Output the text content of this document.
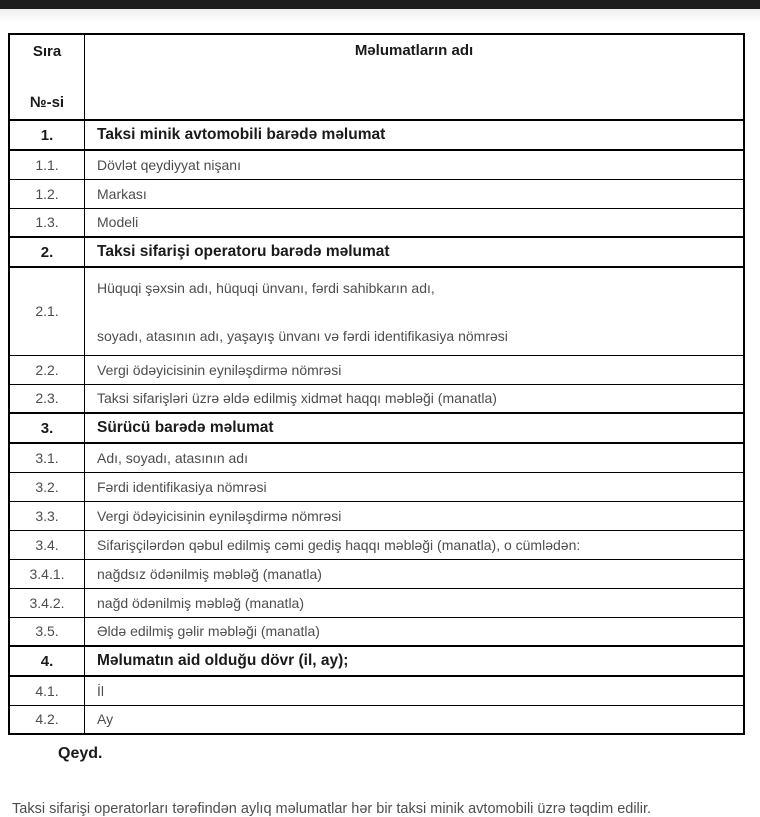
Sıra
№-si	Məlumatların adı

1.	Taksi minik avtomobili barədə məlumat
1.1.	Dövlət qeydiyyat nişanı
1.2.	Markası
1.3.	Modeli
2.	Taksi sifarişi operatoru barədə məlumat
2.1.	Hüquqi şəxsin adı, hüquqi ünvanı, fərdi sahibkarın adı,
soyadı, atasının adı, yaşayış ünvanı və fərdi identifikasiya nömrəsi

2.2.	Vergi ödəyicisinin eyniləşdirmə nömrəsi
2.3.	Taksi sifarişləri üzrə əldə edilmiş xidmət haqqı məbləği (manatla)
3.	Sürücü barədə məlumat
3.1.	Adı, soyadı, atasının adı
3.2.	Fərdi identifikasiya nömrəsi
3.3.	Vergi ödəyicisinin eyniləşdirmə nömrəsi
3.4.	Sifarişçilərdən qəbul edilmiş cəmi gediş haqqı məbləği (manatla), o cümlədən:
3.4.1.	nağdsız ödənilmiş məbləğ (manatla)
3.4.2.	nağd ödənilmiş məbləğ (manatla)
3.5.	Əldə edilmiş gəlir məbləği (manatla)
4.	Məlumatın aid olduğu dövr (il, ay);
4.1.	İl
4.2.	Ay
Qeyd.

Taksi sifarişi operatorları tərəfindən aylıq məlumatlar hər bir taksi minik avtomobili üzrə təqdim edilir.
